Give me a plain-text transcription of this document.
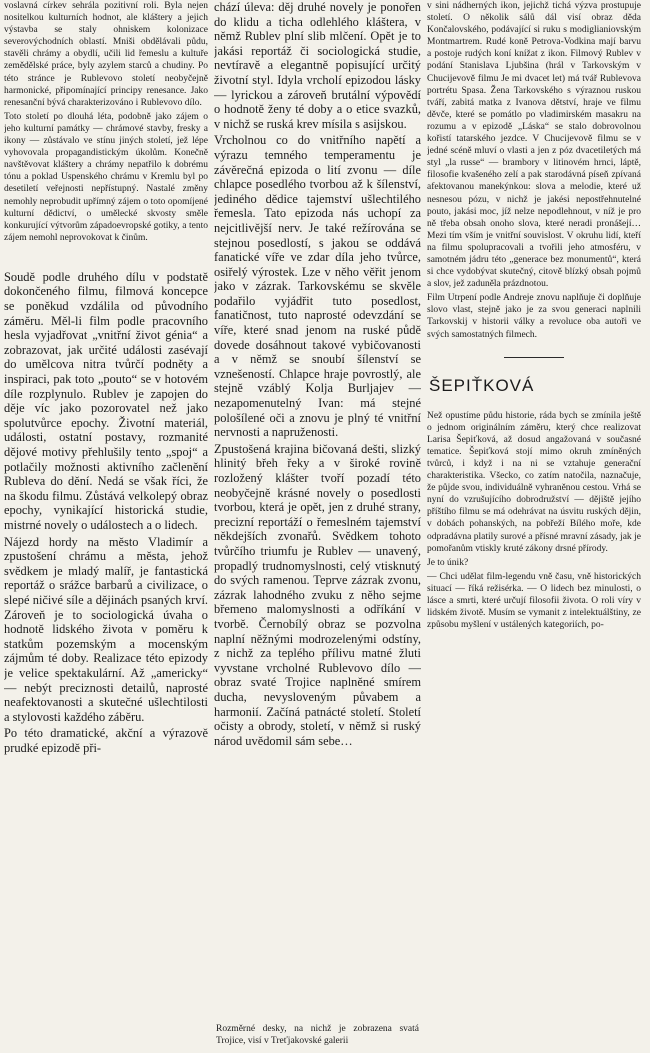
voslavná církev sehrála pozitivní roli. Byla nejen nositelkou kulturních hodnot, ale kláštery a jejich výstavba se staly ohniskem kolonizace severovýchodních oblastí. Mniši obdělávali půdu, stavěli chrámy a obydlí, učili lid řemeslu a kultuře zemědělské práce, byly azylem starců a chudiny. Po této stránce je Rublevovo století neobyčejně harmonické, připomínající principy renesance. Jako renesanční bývá charakterizováno i Rublevovo dílo.

Toto století po dlouhá léta, podobně jako zájem o jeho kulturní památky — chrámové stavby, fresky a ikony — zůstávalo ve stínu jiných století, jež lépe vyhovovala propagandistickým úkolům. Konečně navštěvovat kláštery a chrámy nepatřilo k dobrému tónu a poklad Uspenského chrámu v Kremlu byl po desetiletí veřejnosti nepřístupný. Nastalé změny nemohly neprobudit upřímný zájem o toto opomíjené kulturní dědictví, o umělecké skvosty směle konkurující výtvorům západoevropské gotiky, a tento zájem nemohl neprovokovat k činům.

Soudě podle druhého dílu v podstatě dokončeného filmu, filmová koncepce se poněkud vzdálila od původního záměru. Měl-li film podle pracovního hesla vyjadřovat „vnitřní život génia“ a zobrazovat, jak určité události zasévají do umělcova nitra tvůrčí podněty a inspiraci, pak toto „pouto“ se v hotovém díle rozplynulo. Rublev je zapojen do děje víc jako pozorovatel než jako spolutvůrce epochy. Životní materiál, události, ostatní postavy, rozmanité dějové motivy přehlušily tento „spoj“ a potlačily možnosti aktivního začlenění Rubleva do dění. Nedá se však říci, že na škodu filmu. Zůstává velkolepý obraz epochy, vynikající historická studie, mistrné novely o událostech a o lidech.

Nájezd hordy na město Vladimír a zpustošení chrámu a města, jehož svědkem je mladý malíř, je fantastická reportáž o srážce barbarů a civilizace, o slepé ničivé síle a dějinách psaných krví. Zároveň je to sociologická úvaha o hodnotě lidského života v poměru k statkům pozemským a mocenským zájmům té doby. Realizace této epizody je velice spektakulární. Až „americky“ — nebýt preciznosti detailů, naprosté neafektovanosti a skutečné ušlechtilosti a stylovosti každého záběru.

Po této dramatické, akční a výrazově prudké epizodě při-

chází úleva: děj druhé novely je ponořen do klidu a ticha odlehlého kláštera, v němž Rublev plní slib mlčení. Opět je to jakási reportáž či sociologická studie, nevtíravě a elegantně popisující určitý životní styl. Idyla vrcholí epizodou lásky — lyrickou a zároveň brutální výpovědí o hodnotě ženy té doby a o etice svazků, v nichž se ruská krev mísila s asijskou.

Vrcholnou co do vnitřního napětí a výrazu temného temperamentu je závěrečná epizoda o lití zvonu — díle chlapce posedlého tvorbou až k šílenství, jediného dědice tajemství ušlechtilého řemesla. Tato epizoda nás uchopí za nejcitlivější nerv. Je také režírována se stejnou posedlostí, s jakou se oddává fanatické víře ve zdar díla jeho tvůrce, osiřelý výrostek. Lze v něho věřit jenom jako v zázrak. Tarkovskému se skvěle podařilo vyjádřit tuto posedlost, fanatičnost, tuto naprosté odevzdání se víře, které snad jenom na ruské půdě dovede dosáhnout takové vybičovanosti a v němž se snoubí šílenství se vznešeností. Chlapce hraje povrostlý, ale stejně vzáblý Kolja Burljajev — nezapomenutelný Ivan: má stejné pološílené oči a znovu je plný té vnitřní nervnosti a napruženosti.

Zpustošená krajina bičovaná dešti, slizký hlinitý břeh řeky a v široké rovině rozložený klášter tvoří pozadí této neobyčejně krásné novely o posedlosti tvorbou, která je opět, jen z druhé strany, precizní reportáží o řemeslném tajemství někdejších zvonařů. Svědkem tohoto tvůrčího triumfu je Rublev — unavený, propadlý trudnomyslnosti, celý vtisknutý do svých ramenou. Teprve zázrak zvonu, zázrak lahodného zvuku z něho sejme břemeno malomyslnosti a odříkání v tvorbě. Černobílý obraz se pozvolna naplní něžnými modrozelenými odstíny, z nichž za teplého přílivu matné žluti vyvstane vrcholné Rublevovo dílo — obraz svaté Trojice naplněné smírem ducha, nevysloveným půvabem a harmonií. Začíná patnácté století. Století očisty a obrody, století, v němž si ruský národ uvědomil sám sebe…

Rozměrné desky, na nichž je zobrazena svatá Trojice, visí v Treťjakovské galerii

v sini nádherných ikon, jejichž tichá výzva prostupuje století. O několik sálů dál visí obraz děda Končalovského, podávající si ruku s modiglianiovským Montmartrem. Rudé koně Petrova-Vodkina mají barvu a postoje rudých koní knížat z ikon. Filmový Rublev v podání Stanislava Ljubšina (hrál v Tarkovským v Chucijevově filmu Je mi dvacet let) má tvář Rublevova portrétu Spasa. Žena Tarkovského s výraznou ruskou tváří, zabitá matka z Ivanova dětství, hraje ve filmu děvče, které se pomátlo po vladimirském masakru na rozumu a v epizodě „Láska“ se stalo dobrovolnou kořistí tatarského jezdce. V Chucijevově filmu se v jedné scéně mluví o vlasti a jen z póz dvacetiletých má styl „la russe“ — brambory v litinovém hrnci, láptě, filosofie kvašeného zelí a pak starodávná píseň zpívaná afektovanou manekýnkou: slova a melodie, které už nesnesou pózu, v nichž je jakési nepostřehnutelné pouto, jakási moc, jíž nelze nepodlehnout, v níž je pro ně třeba obsah onoho slova, které neradi pronášejí… Mezi tím vším je vnitřní souvislost. V okruhu lidí, kteří na filmu spolupracovali a tvořili jeho atmosféru, v samotném jádru této „generace bez monumentů“, která si chce vydobývat skutečný, citově blízký obsah pojmů a slov, jež zaduněla prázdnotou.

Film Utrpení podle Andreje znovu naplňuje či doplňuje slovo vlast, stejně jako je za svou generaci naplnili Tarkovskij v historii války a revoluce oba autoři ve svých samostatných filmech.

ŠEPIŤKOVÁ

Než opustíme půdu historie, ráda bych se zmínila ještě o jednom originálním záměru, který chce realizovat Larisa Šepiťková, až dosud angažovaná v současné tematice. Šepiťková stojí mimo okruh zmíněných tvůrců, i když i na ni se vztahuje generační charakteristika. Všecko, co zatím natočila, naznačuje, že půjde svou, individuálně vyhraněnou cestou. Vrhá se nyní do vzrušujícího dobrodružství — dějiště jejího příštího filmu se má odehrávat na úsvitu ruských dějin, v dobách pohanských, na pobřeží Bílého moře, kde odpradávna platily surové a přísné mravní zásady, jak je pomořanům vtiskly kruté zákony drsné přírody.

Je to únik?

— Chci udělat film-legendu vně času, vně historických situací — říká režisérka. — O lidech bez minulosti, o lásce a smrti, které určují filosofii života. O roli víry v lidském životě. Musím se vymanit z intelektuálštiny, ze způsobu myšlení v ustálených kategoriích, po-
